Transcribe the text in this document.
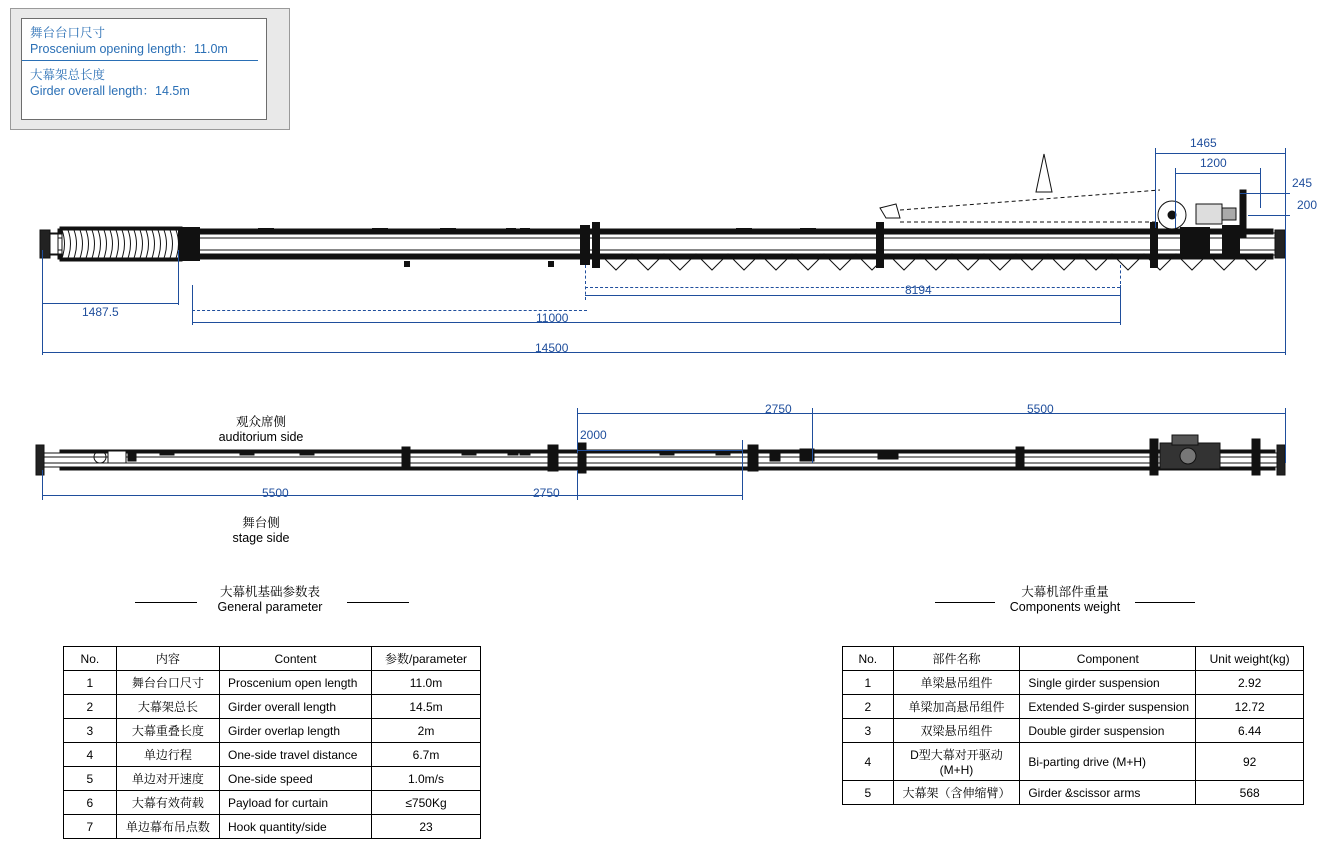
舞台台口尺寸
Proscenium opening length：11.0m
大幕架总长度
Girder overall length：14.5m
1465
1200
245
200
1487.5
8194
11000
14500
5500	2750
2000
2750	5500
观众席侧
auditorium side
舞台侧
stage side
大幕机基础参数表
General parameter
大幕机部件重量
Components weight
No.	内容	Content	参数/parameter
1	舞台台口尺寸	Proscenium open length	11.0m
2	大幕架总长	Girder overall length	14.5m
3	大幕重叠长度	Girder overlap length	2m
4	单边行程	One-side travel distance	6.7m
5	单边对开速度	One-side speed	1.0m/s
6	大幕有效荷载	Payload for curtain	≤750Kg
7	单边幕布吊点数	Hook quantity/side	23
No.	部件名称	Component	Unit weight(kg)
1	单梁悬吊组件	Single girder suspension	2.92
2	单梁加高悬吊组件	Extended S-girder suspension	12.72
3	双梁悬吊组件	Double girder suspension	6.44
4	D型大幕对开驱动(M+H)	Bi-parting drive (M+H)	92
5	大幕架（含伸缩臂）	Girder &scissor arms	568
